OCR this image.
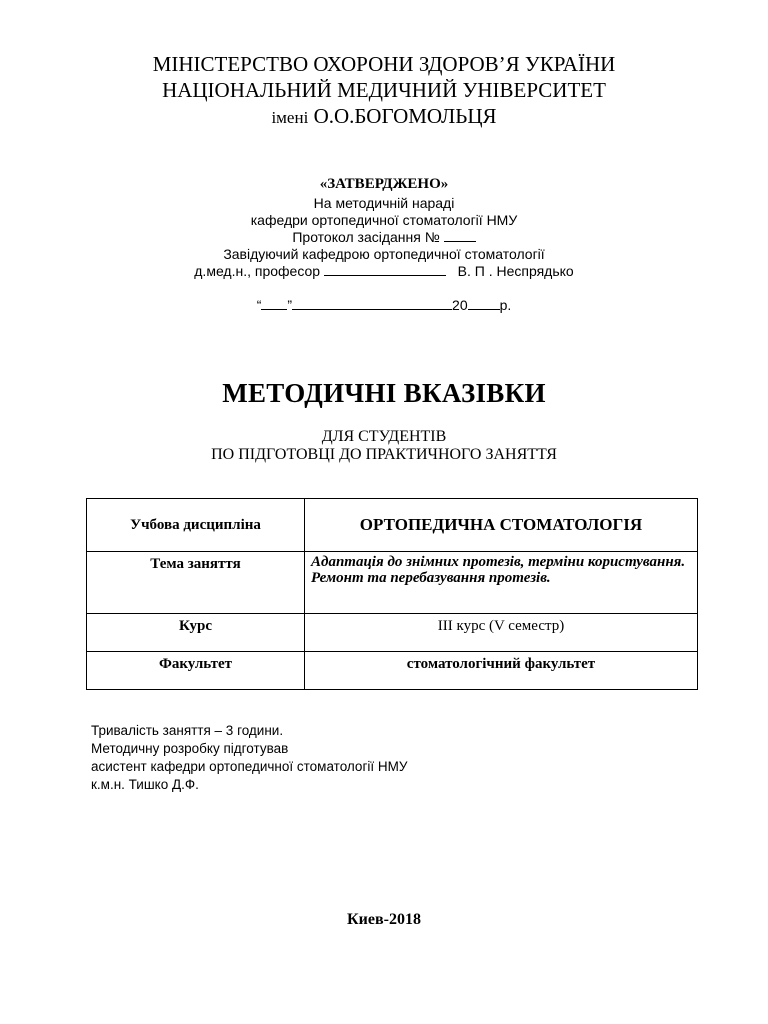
МІНІСТЕРСТВО ОХОРОНИ ЗДОРОВ’Я УКРАЇНИ
НАЦІОНАЛЬНИЙ МЕДИЧНИЙ УНІВЕРСИТЕТ
імені О.О.БОГОМОЛЬЦЯ
«ЗАТВЕРДЖЕНО»
На методичній нараді
кафедри ортопедичної стоматології НМУ
Протокол засідання №
Завідуючий кафедрою ортопедичної стоматології
д.мед.н., професор	В. П . Неспрядько
“ ”	20 р.
МЕТОДИЧНІ ВКАЗІВКИ
ДЛЯ СТУДЕНТІВ
ПО ПІДГОТОВЦІ ДО ПРАКТИЧНОГО ЗАНЯТТЯ
Учбова дисципліна	ОРТОПЕДИЧНА СТОМАТОЛОГІЯ
Тема заняття	Адаптація до знімних протезів, терміни користування. Ремонт та перебазування протезів.
Курс	ІІІ курс (V семестр)
Факультет	стоматологічний факультет
Тривалість заняття – 3 години.
Методичну розробку підготував
асистент кафедри ортопедичної стоматології НМУ
к.м.н. Тишко Д.Ф.
Киев-2018
